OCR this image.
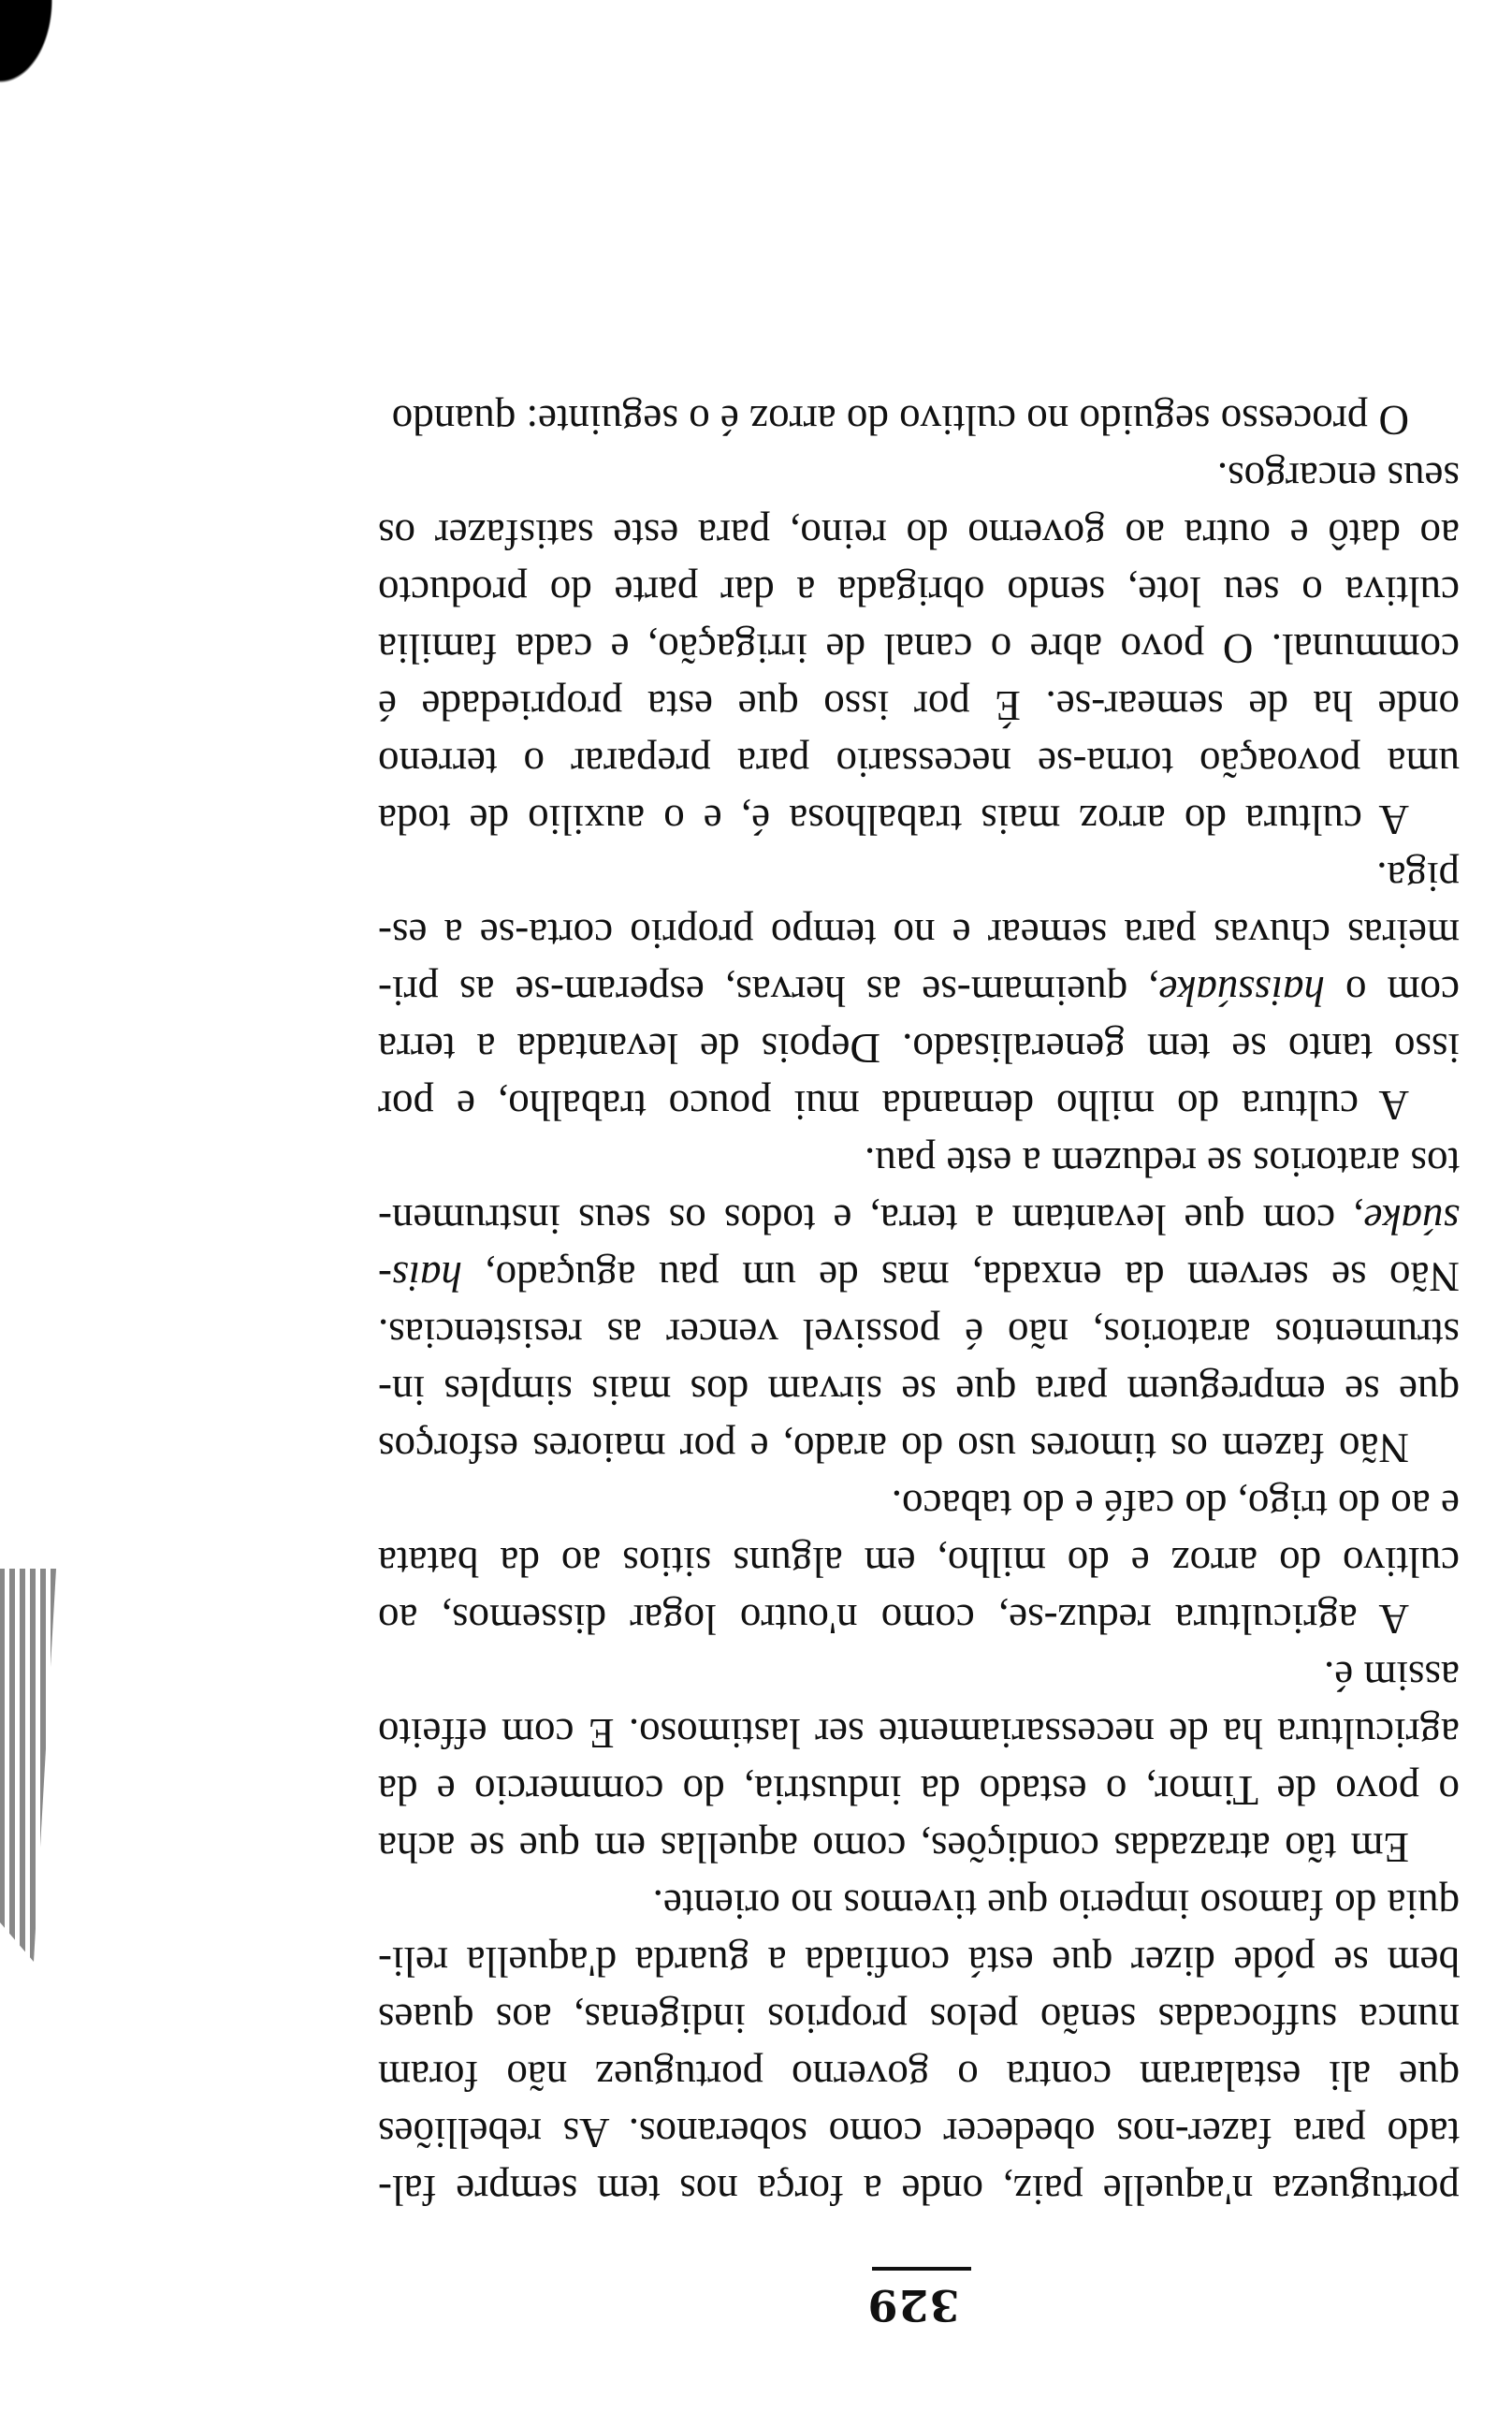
329
portugueza n'aquelle paiz, onde a força nos tem sempre fal-
tado para fazer-nos obedecer como soberanos. As rebelliões
que ali estalaram contra o governo portuguez não foram
nunca suffocadas senão pelos proprios indigenas, aos quaes
bem se póde dizer que está confiada a guarda d'aquella reli-
quia do famoso imperio que tivemos no oriente.
Em tão atrazadas condições, como aquellas em que se acha
o povo de Timor, o estado da industria, do commercio e da
agricultura ha de necessariamente ser lastimoso. E com effeito
assim é.
A agricultura reduz-se, como n'outro logar dissemos, ao
cultivo do arroz e do milho, em alguns sitios ao da batata
e ao do trigo, do café e do tabaco.
Não fazem os timores uso do arado, e por maiores esforços
que se empreguem para que se sirvam dos mais simples in-
strumentos aratorios, não é possivel vencer as resistencias.
Não se servem da enxada, mas de um pau aguçado, hais-
súake, com que levantam a terra, e todos os seus instrumen-
tos aratorios se reduzem a este pau.
A cultura do milho demanda mui pouco trabalho, e por
isso tanto se tem generalisado. Depois de levantada a terra
com o haissúake, queimam-se as hervas, esperam-se as pri-
meiras chuvas para semear e no tempo proprio corta-se a es-
piga.
A cultura do arroz mais trabalhosa é, e o auxilio de toda
uma povoação torna-se necessario para preparar o terreno
onde ha de semear-se. É por isso que esta propriedade é
communal. O povo abre o canal de irrigação, e cada familia
cultiva o seu lote, sendo obrigada a dar parte do producto
ao datô e outra ao governo do reino, para este satisfazer os
seus encargos.
O processo seguido no cultivo do arroz é o seguinte: quando
